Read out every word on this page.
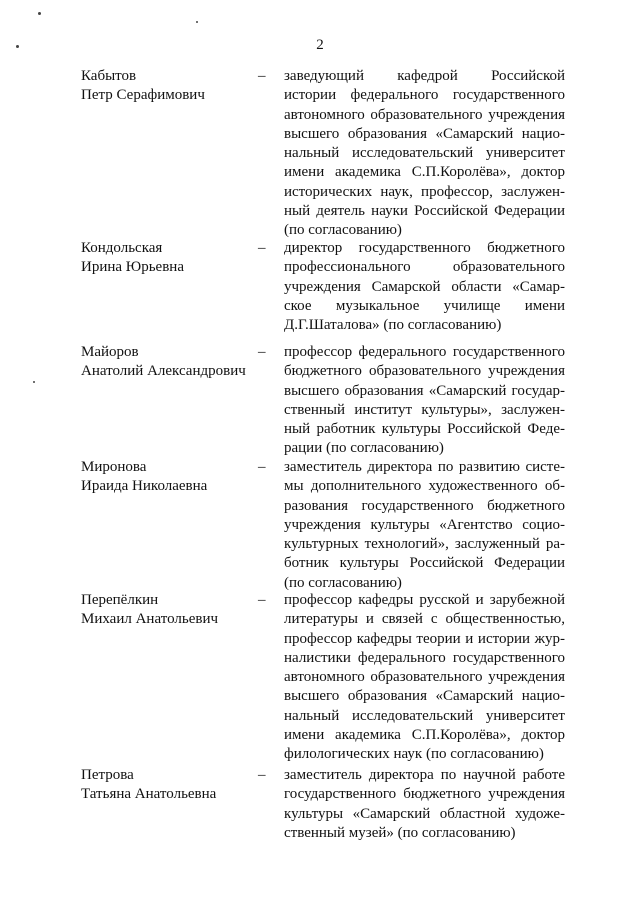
2
Кабытов
Петр Серафимович
– заведующий кафедрой Российской
истории федерального государственного
автономного образовательного учреждения
высшего образования «Самарский нацио-
нальный исследовательский университет
имени академика С.П.Королёва», доктор
исторических наук, профессор, заслужен-
ный деятель науки Российской Федерации
(по согласованию)
Кондольская
Ирина Юрьевна
– директор государственного бюджетного
профессионального образовательного
учреждения Самарской области «Самар-
ское музыкальное училище имени
Д.Г.Шаталова» (по согласованию)
Майоров
Анатолий Александрович
– профессор федерального государственного
бюджетного образовательного учреждения
высшего образования «Самарский государ-
ственный институт культуры», заслужен-
ный работник культуры Российской Феде-
рации (по согласованию)
Миронова
Ираида Николаевна
– заместитель директора по развитию систе-
мы дополнительного художественного об-
разования государственного бюджетного
учреждения культуры «Агентство социо-
культурных технологий», заслуженный ра-
ботник культуры Российской Федерации
(по согласованию)
Перепёлкин
Михаил Анатольевич
– профессор кафедры русской и зарубежной
литературы и связей с общественностью,
профессор кафедры теории и истории жур-
налистики федерального государственного
автономного образовательного учреждения
высшего образования «Самарский нацио-
нальный исследовательский университет
имени академика С.П.Королёва», доктор
филологических наук (по согласованию)
Петрова
Татьяна Анатольевна
– заместитель директора по научной работе
государственного бюджетного учреждения
культуры «Самарский областной художе-
ственный музей» (по согласованию)
